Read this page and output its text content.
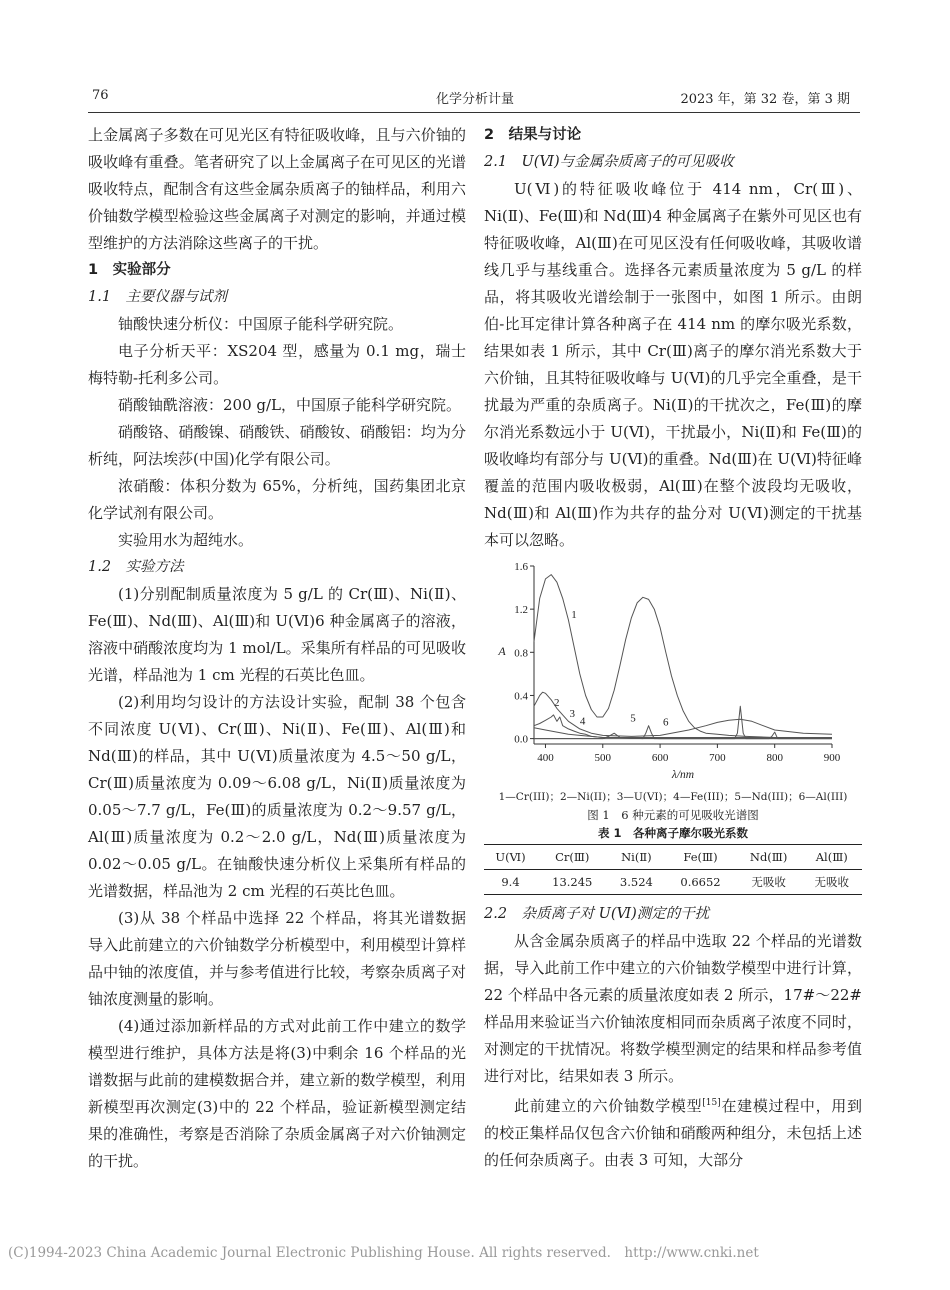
76	化学分析计量	2023 年，第 32 卷，第 3 期

上金属离子多数在可见光区有特征吸收峰，且与六价铀的吸收峰有重叠。笔者研究了以上金属离子在可见区的光谱吸收特点，配制含有这些金属杂质离子的铀样品，利用六价铀数学模型检验这些金属离子对测定的影响，并通过模型维护的方法消除这些离子的干扰。

1　实验部分

1.1　主要仪器与试剂

铀酸快速分析仪：中国原子能科学研究院。

电子分析天平：XS204 型，感量为 0.1 mg，瑞士梅特勒-托利多公司。

硝酸铀酰溶液：200 g/L，中国原子能科学研究院。

硝酸铬、硝酸镍、硝酸铁、硝酸钕、硝酸铝：均为分析纯，阿法埃莎(中国)化学有限公司。

浓硝酸：体积分数为 65%，分析纯，国药集团北京化学试剂有限公司。

实验用水为超纯水。

1.2　实验方法

(1)分别配制质量浓度为 5 g/L 的 Cr(Ⅲ)、Ni(Ⅱ)、Fe(Ⅲ)、Nd(Ⅲ)、Al(Ⅲ)和 U(Ⅵ)6 种金属离子的溶液，溶液中硝酸浓度均为 1 mol/L。采集所有样品的可见吸收光谱，样品池为 1 cm 光程的石英比色皿。

(2)利用均匀设计的方法设计实验，配制 38 个包含不同浓度 U(Ⅵ)、Cr(Ⅲ)、Ni(Ⅱ)、Fe(Ⅲ)、Al(Ⅲ)和 Nd(Ⅲ)的样品，其中 U(Ⅵ)质量浓度为 4.5～50 g/L，Cr(Ⅲ)质量浓度为 0.09～6.08 g/L，Ni(Ⅱ)质量浓度为 0.05～7.7 g/L，Fe(Ⅲ)的质量浓度为 0.2～9.57 g/L，Al(Ⅲ)质量浓度为 0.2～2.0 g/L，Nd(Ⅲ)质量浓度为 0.02～0.05 g/L。在铀酸快速分析仪上采集所有样品的光谱数据，样品池为 2 cm 光程的石英比色皿。

(3)从 38 个样品中选择 22 个样品，将其光谱数据导入此前建立的六价铀数学分析模型中，利用模型计算样品中铀的浓度值，并与参考值进行比较，考察杂质离子对铀浓度测量的影响。

(4)通过添加新样品的方式对此前工作中建立的数学模型进行维护，具体方法是将(3)中剩余 16 个样品的光谱数据与此前的建模数据合并，建立新的数学模型，利用新模型再次测定(3)中的 22 个样品，验证新模型测定结果的准确性，考察是否消除了杂质金属离子对六价铀测定的干扰。

2　结果与讨论

2.1　U(Ⅵ)与金属杂质离子的可见吸收

U(Ⅵ)的特征吸收峰位于 414 nm，Cr(Ⅲ)、Ni(Ⅱ)、Fe(Ⅲ)和 Nd(Ⅲ)4 种金属离子在紫外可见区也有特征吸收峰，Al(Ⅲ)在可见区没有任何吸收峰，其吸收谱线几乎与基线重合。选择各元素质量浓度为 5 g/L 的样品，将其吸收光谱绘制于一张图中，如图 1 所示。由朗伯-比耳定律计算各种离子在 414 nm 的摩尔吸光系数，结果如表 1 所示，其中 Cr(Ⅲ)离子的摩尔消光系数大于六价铀，且其特征吸收峰与 U(Ⅵ)的几乎完全重叠，是干扰最为严重的杂质离子。Ni(Ⅱ)的干扰次之，Fe(Ⅲ)的摩尔消光系数远小于 U(Ⅵ)，干扰最小，Ni(Ⅱ)和 Fe(Ⅲ)的吸收峰均有部分与 U(Ⅵ)的重叠。Nd(Ⅲ)在 U(Ⅵ)特征峰覆盖的范围内吸收极弱，Al(Ⅲ)在整个波段均无吸收，Nd(Ⅲ)和 Al(Ⅲ)作为共存的盐分对 U(Ⅵ)测定的干扰基本可以忽略。

400	500	600	700	800	900
0.0
0.4
0.8
1.2
1.6
λ/nm
A
1
2
3
4	5 6
1—Cr(III)；2—Ni(II)；3—U(VI)；4—Fe(III)；5—Nd(III)；6—Al(III)
图 1　6 种元素的可见吸收光谱图
表 1　各种离子摩尔吸光系数
U(Ⅵ)	Cr(Ⅲ)	Ni(Ⅱ)	Fe(Ⅲ)	Nd(Ⅲ)	Al(Ⅲ)
9.4	13.245	3.524	0.6652	无吸收	无吸收

2.2　杂质离子对 U(Ⅵ)测定的干扰

从含金属杂质离子的样品中选取 22 个样品的光谱数据，导入此前工作中建立的六价铀数学模型中进行计算，22 个样品中各元素的质量浓度如表 2 所示，17#～22#样品用来验证当六价铀浓度相同而杂质离子浓度不同时，对测定的干扰情况。将数学模型测定的结果和样品参考值进行对比，结果如表 3 所示。

此前建立的六价铀数学模型[15]在建模过程中，用到的校正集样品仅包含六价铀和硝酸两种组分，未包括上述的任何杂质离子。由表 3 可知，大部分

(C)1994-2023 China Academic Journal Electronic Publishing House. All rights reserved.　http://www.cnki.net
